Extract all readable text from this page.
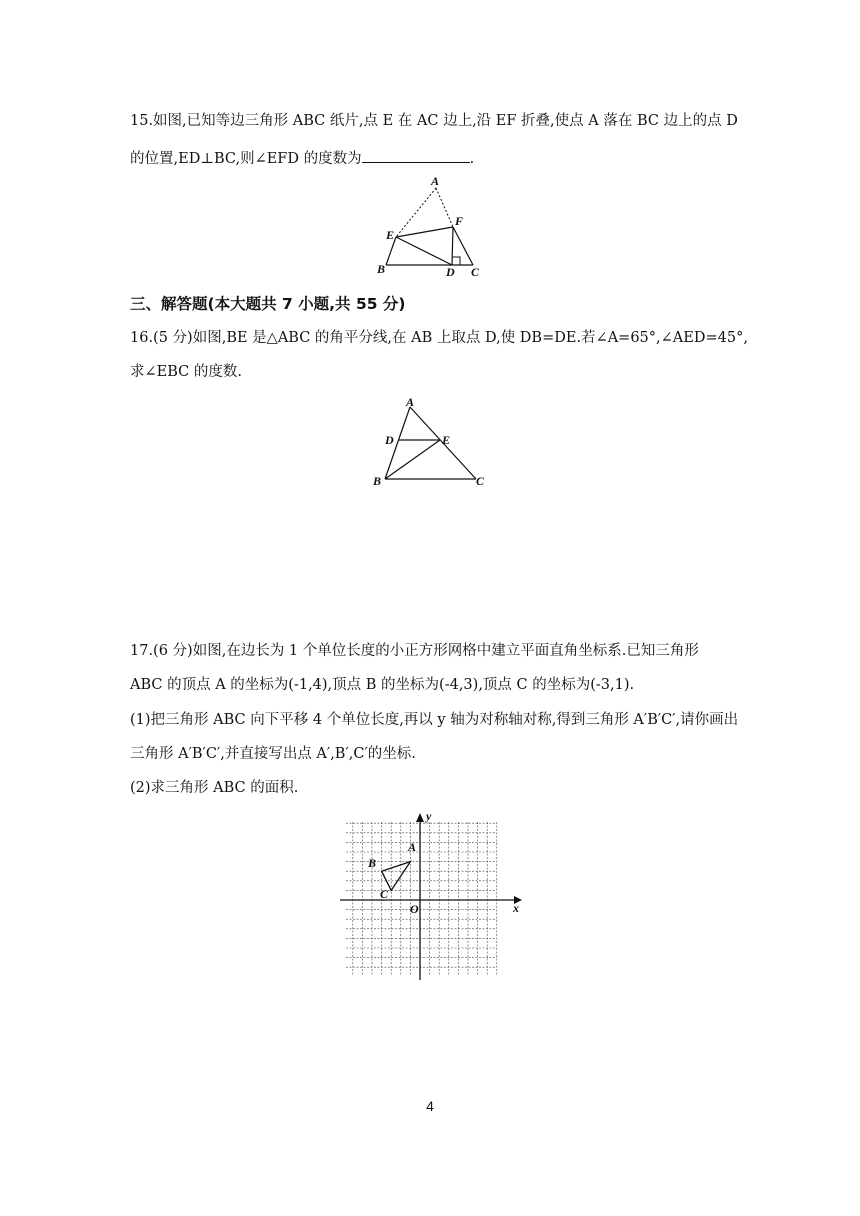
15.如图,已知等边三角形 ABC 纸片,点 E 在 AC 边上,沿 EF 折叠,使点 A 落在 BC 边上的点 D
的位置,ED⊥BC,则∠EFD 的度数为	.
A
E
F
B	D C
三、解答题(本大题共 7 小题,共 55 分)
16.(5 分)如图,BE 是△ABC 的角平分线,在 AB 上取点 D,使 DB=DE.若∠A=65°,∠AED=45°,
求∠EBC 的度数.
A
D	E
B	C
17.(6 分)如图,在边长为 1 个单位长度的小正方形网格中建立平面直角坐标系.已知三角形
ABC 的顶点 A 的坐标为(-1,4),顶点 B 的坐标为(-4,3),顶点 C 的坐标为(-3,1).
(1)把三角形 ABC 向下平移 4 个单位长度,再以 y 轴为对称轴对称,得到三角形 A′B′C′,请你画出
三角形 A′B′C′,并直接写出点 A′,B′,C′的坐标.
(2)求三角形 ABC 的面积.
x
y
O
A
B
C
4
